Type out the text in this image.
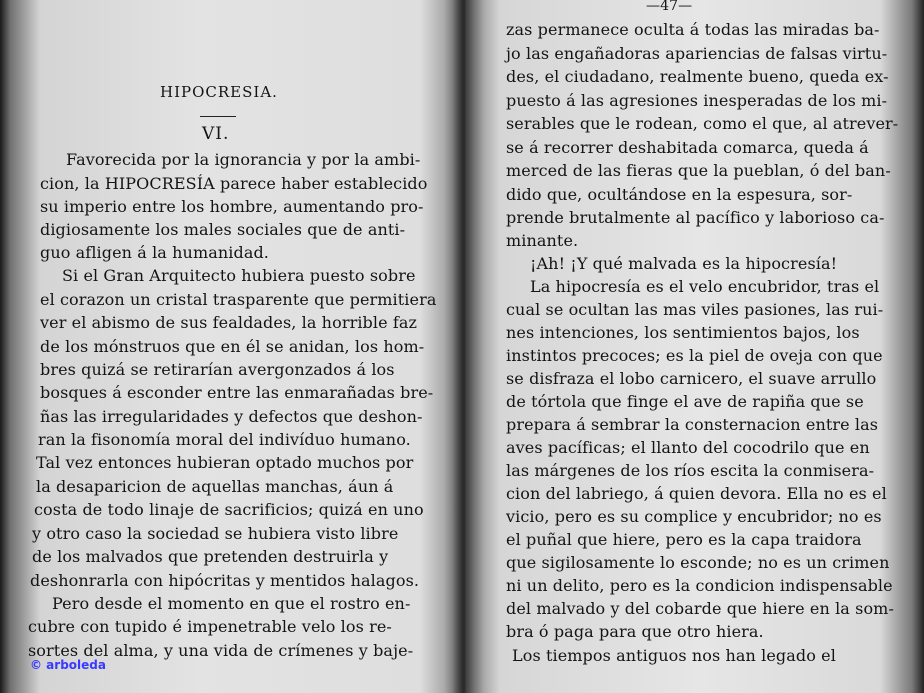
HIPOCRESIA.
VI.
Favorecida por la ignorancia y por la ambi-
cion, la HIPOCRESÍA parece haber establecido
su imperio entre los hombre, aumentando pro-
digiosamente los males sociales que de anti-
guo afligen á la humanidad.
Si el Gran Arquitecto hubiera puesto sobre
el corazon un cristal trasparente que permitiera
ver el abismo de sus fealdades, la horrible faz
de los mónstruos que en él se anidan, los hom-
bres quizá se retirarían avergonzados á los
bosques á esconder entre las enmarañadas bre-
ñas las irregularidades y defectos que deshon-
ran la fisonomía moral del indivíduo humano.
Tal vez entonces hubieran optado muchos por
la desaparicion de aquellas manchas, áun á
costa de todo linaje de sacrificios; quizá en uno
y otro caso la sociedad se hubiera visto libre
de los malvados que pretenden destruirla y
deshonrarla con hipócritas y mentidos halagos.
Pero desde el momento en que el rostro en-
cubre con tupido é impenetrable velo los re-
sortes del alma, y una vida de crímenes y baje-
—47—
zas permanece oculta á todas las miradas ba-
jo las engañadoras apariencias de falsas virtu-
des, el ciudadano, realmente bueno, queda ex-
puesto á las agresiones inesperadas de los mi-
serables que le rodean, como el que, al atrever-
se á recorrer deshabitada comarca, queda á
merced de las fieras que la pueblan, ó del ban-
dido que, ocultándose en la espesura, sor-
prende brutalmente al pacífico y laborioso ca-
minante.
¡Ah! ¡Y qué malvada es la hipocresía!
La hipocresía es el velo encubridor, tras el
cual se ocultan las mas viles pasiones, las rui-
nes intenciones, los sentimientos bajos, los
instintos precoces; es la piel de oveja con que
se disfraza el lobo carnicero, el suave arrullo
de tórtola que finge el ave de rapiña que se
prepara á sembrar la consternacion entre las
aves pacíficas; el llanto del cocodrilo que en
las márgenes de los ríos escita la conmisera-
cion del labriego, á quien devora. Ella no es el
vicio, pero es su complice y encubridor; no es
el puñal que hiere, pero es la capa traidora
que sigilosamente lo esconde; no es un crimen
ni un delito, pero es la condicion indispensable
del malvado y del cobarde que hiere en la som-
bra ó paga para que otro hiera.
Los tiempos antiguos nos han legado el
© arboleda
